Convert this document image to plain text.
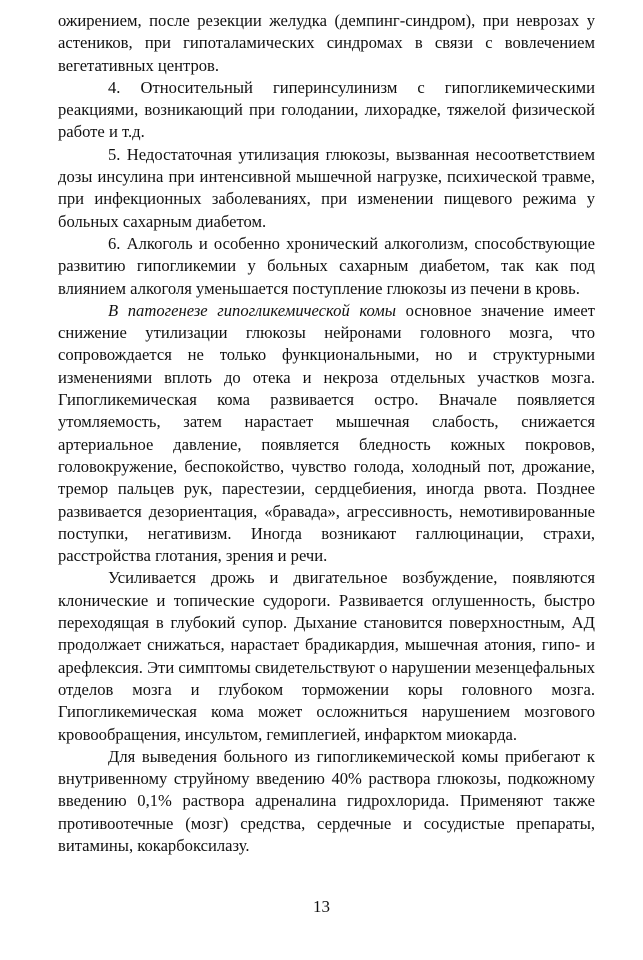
ожирением, после резекции желудка (демпинг-синдром), при неврозах у астеников, при гипоталамических синдромах в связи с вовлечением вегетативных центров.

4. Относительный гиперинсулинизм с гипогликемическими реакциями, возникающий при голодании, лихорадке, тяжелой физической работе и т.д.

5. Недостаточная утилизация глюкозы, вызванная несоответствием дозы инсулина при интенсивной мышечной нагрузке, психической травме, при инфекционных заболеваниях, при изменении пищевого режима у больных сахарным диабетом.

6. Алкоголь и особенно хронический алкоголизм, способствующие развитию гипогликемии у больных сахарным диабетом, так как под влиянием алкоголя уменьшается поступление глюкозы из печени в кровь.

В патогенезе гипогликемической комы основное значение имеет снижение утилизации глюкозы нейронами головного мозга, что сопровождается не только функциональными, но и структурными изменениями вплоть до отека и некроза отдельных участков мозга. Гипогликемическая кома развивается остро. Вначале появляется утомляемость, затем нарастает мышечная слабость, снижается артериальное давление, появляется бледность кожных покровов, головокружение, беспокойство, чувство голода, холодный пот, дрожание, тремор пальцев рук, парестезии, сердцебиения, иногда рвота. Позднее развивается дезориентация, «бравада», агрессивность, немотивированные поступки, негативизм. Иногда возникают галлюцинации, страхи, расстройства глотания, зрения и речи.

Усиливается дрожь и двигательное возбуждение, появляются клонические и топические судороги. Развивается оглушенность, быстро переходящая в глубокий супор. Дыхание становится поверхностным, АД продолжает снижаться, нарастает брадикардия, мышечная атония, гипо- и арефлексия. Эти симптомы свидетельствуют о нарушении мезенцефальных отделов мозга и глубоком торможении коры головного мозга. Гипогликемическая кома может осложниться нарушением мозгового кровообращения, инсультом, гемиплегией, инфарктом миокарда.

Для выведения больного из гипогликемической комы прибегают к внутривенному струйному введению 40% раствора глюкозы, подкожному введению 0,1% раствора адреналина гидрохлорида. Применяют также противоотечные (мозг) средства, сердечные и сосудистые препараты, витамины, кокарбоксилазу.

13
